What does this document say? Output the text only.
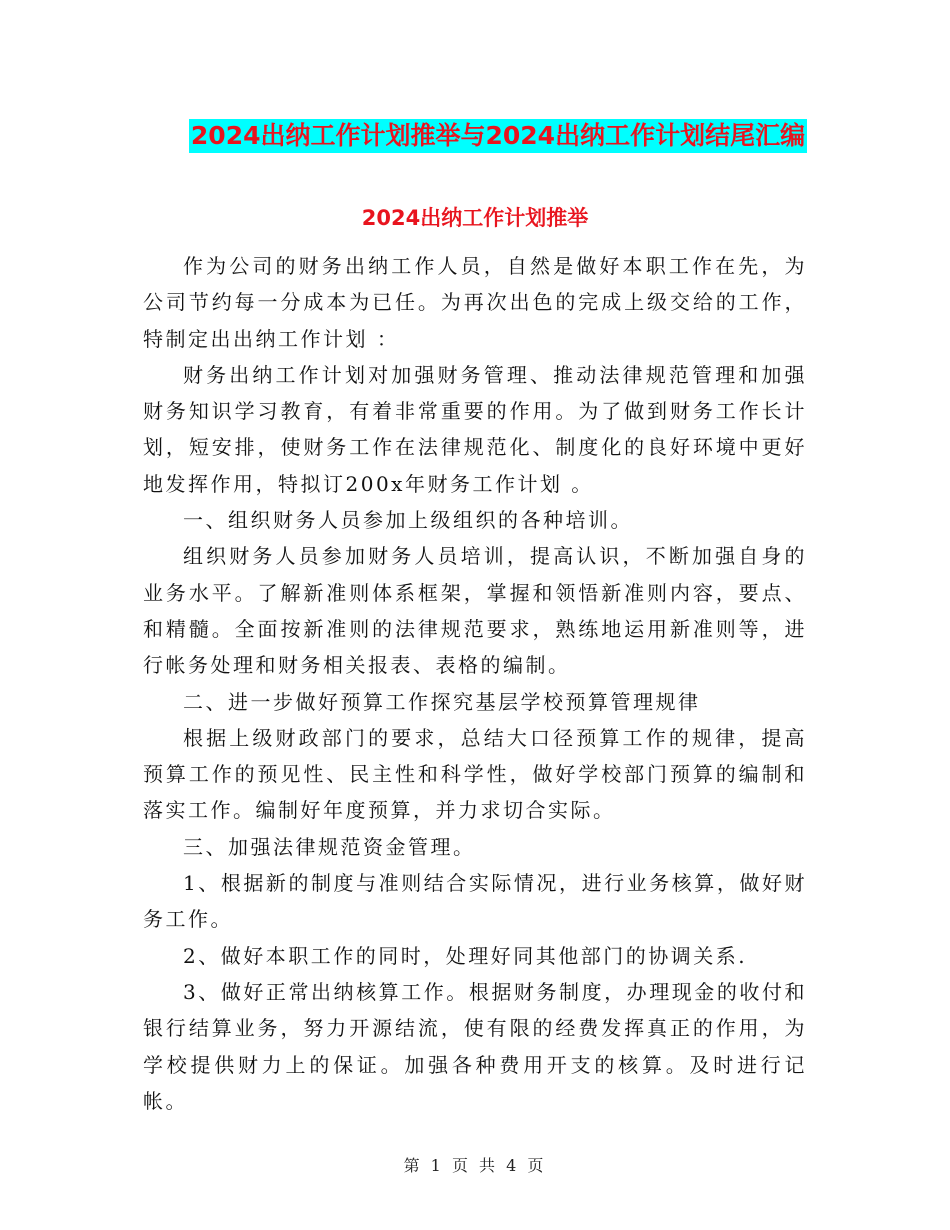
2024出纳工作计划推举与2024出纳工作计划结尾汇编
2024出纳工作计划推举

作为公司的财务出纳工作人员，自然是做好本职工作在先，为公司节约每一分成本为已任。为再次出色的完成上级交给的工作，特制定出出纳工作计划 ：

财务出纳工作计划对加强财务管理、推动法律规范管理和加强财务知识学习教育，有着非常重要的作用。为了做到财务工作长计划，短安排，使财务工作在法律规范化、制度化的良好环境中更好地发挥作用，特拟订200x年财务工作计划 。

一、组织财务人员参加上级组织的各种培训。

组织财务人员参加财务人员培训，提高认识，不断加强自身的业务水平。了解新准则体系框架，掌握和领悟新准则内容，要点、和精髓。全面按新准则的法律规范要求，熟练地运用新准则等，进行帐务处理和财务相关报表、表格的编制。

二、进一步做好预算工作探究基层学校预算管理规律

根据上级财政部门的要求，总结大口径预算工作的规律，提高预算工作的预见性、民主性和科学性，做好学校部门预算的编制和落实工作。编制好年度预算，并力求切合实际。

三、加强法律规范资金管理。

1、根据新的制度与准则结合实际情况，进行业务核算，做好财务工作。

2、做好本职工作的同时，处理好同其他部门的协调关系.

3、做好正常出纳核算工作。根据财务制度，办理现金的收付和银行结算业务，努力开源结流，使有限的经费发挥真正的作用，为学校提供财力上的保证。加强各种费用开支的核算。及时进行记帐。

第 1 页 共 4 页
